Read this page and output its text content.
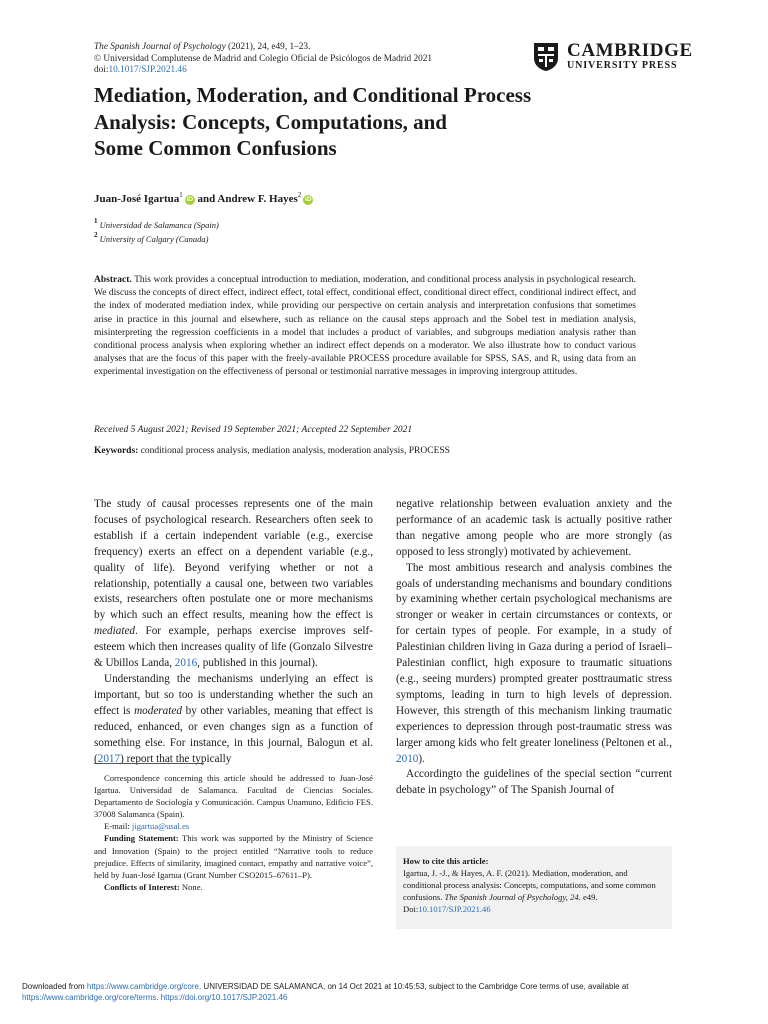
The Spanish Journal of Psychology (2021), 24, e49, 1–23.
© Universidad Complutense de Madrid and Colegio Oficial de Psicólogos de Madrid 2021
doi:10.1017/SJP.2021.46
CAMBRIDGE
UNIVERSITY PRESS
Mediation, Moderation, and Conditional Process
Analysis: Concepts, Computations, and
Some Common Confusions
Juan-José Igartua$^1$iD and Andrew F. Hayes$^2$iD
$^1$ Universidad de Salamanca (Spain)
$^2$ University of Calgary (Canada)
Abstract. This work provides a conceptual introduction to mediation, moderation, and conditional process analysis in psychological research. We discuss the concepts of direct effect, indirect effect, total effect, conditional effect, conditional direct effect, conditional indirect effect, and the index of moderated mediation index, while providing our perspective on certain analysis and interpretation confusions that sometimes arise in practice in this journal and elsewhere, such as reliance on the causal steps approach and the Sobel test in mediation analysis, misinterpreting the regression coefficients in a model that includes a product of variables, and subgroups mediation analysis rather than conditional process analysis when exploring whether an indirect effect depends on a moderator. We also illustrate how to conduct various analyses that are the focus of this paper with the freely-available PROCESS procedure available for SPSS, SAS, and R, using data from an experimental investigation on the effectiveness of personal or testimonial narrative messages in improving intergroup attitudes.
Received 5 August 2021; Revised 19 September 2021; Accepted 22 September 2021
Keywords: conditional process analysis, mediation analysis, moderation analysis, PROCESS

The study of causal processes represents one of the main focuses of psychological research. Researchers often seek to establish if a certain independent variable (e.g., exercise frequency) exerts an effect on a dependent variable (e.g., quality of life). Beyond verifying whether or not a relationship, potentially a causal one, between two variables exists, researchers often postulate one or more mechanisms by which such an effect results, meaning how the effect is mediated. For example, perhaps exercise improves self-esteem which then increases quality of life (Gonzalo Silvestre & Ubillos Landa, 2016, published in this journal).

Understanding the mechanisms underlying an effect is important, but so too is understanding whether the such an effect is moderated by other variables, meaning that effect is reduced, enhanced, or even changes sign as a function of something else. For instance, in this journal, Balogun et al. (2017) report that the typically

negative relationship between evaluation anxiety and the performance of an academic task is actually positive rather than negative among people who are more strongly (as opposed to less strongly) motivated by achievement.

The most ambitious research and analysis combines the goals of understanding mechanisms and boundary conditions by examining whether certain psychological mechanisms are stronger or weaker in certain circumstances or contexts, or for certain types of people. For example, in a study of Palestinian children living in Gaza during a period of Israeli–Palestinian conflict, high exposure to traumatic situations (e.g., seeing murders) prompted greater posttraumatic stress symptoms, leading in turn to high levels of depression. However, this strength of this mechanism linking traumatic experiences to depression through post-traumatic stress was larger among kids who felt greater loneliness (Peltonen et al., 2010).

Accordingto the guidelines of the special section “current debate in psychology” of The Spanish Journal of

Correspondence concerning this article should be addressed to Juan-José Igartua. Universidad de Salamanca. Facultad de Ciencias Sociales. Departamento de Sociología y Comunicación. Campus Unamuno, Edificio FES. 37008 Salamanca (Spain).

E-mail: jigartua@usal.es

Funding Statement: This work was supported by the Ministry of Science and Innovation (Spain) to the project entitled “Narrative tools to reduce prejudice. Effects of similarity, imagined contact, empathy and narrative voice”, held by Juan-José Igartua (Grant Number CSO2015–67611–P).

Conflicts of Interest: None.

How to cite this article:
Igartua, J. -J., & Hayes, A. F. (2021). Mediation, moderation, and conditional process analysis: Concepts, computations, and some common confusions. The Spanish Journal of Psychology, 24. e49. Doi:10.1017/SJP.2021.46
Downloaded from https://www.cambridge.org/core. UNIVERSIDAD DE SALAMANCA, on 14 Oct 2021 at 10:45:53, subject to the Cambridge Core terms of use, available at
https://www.cambridge.org/core/terms. https://doi.org/10.1017/SJP.2021.46
